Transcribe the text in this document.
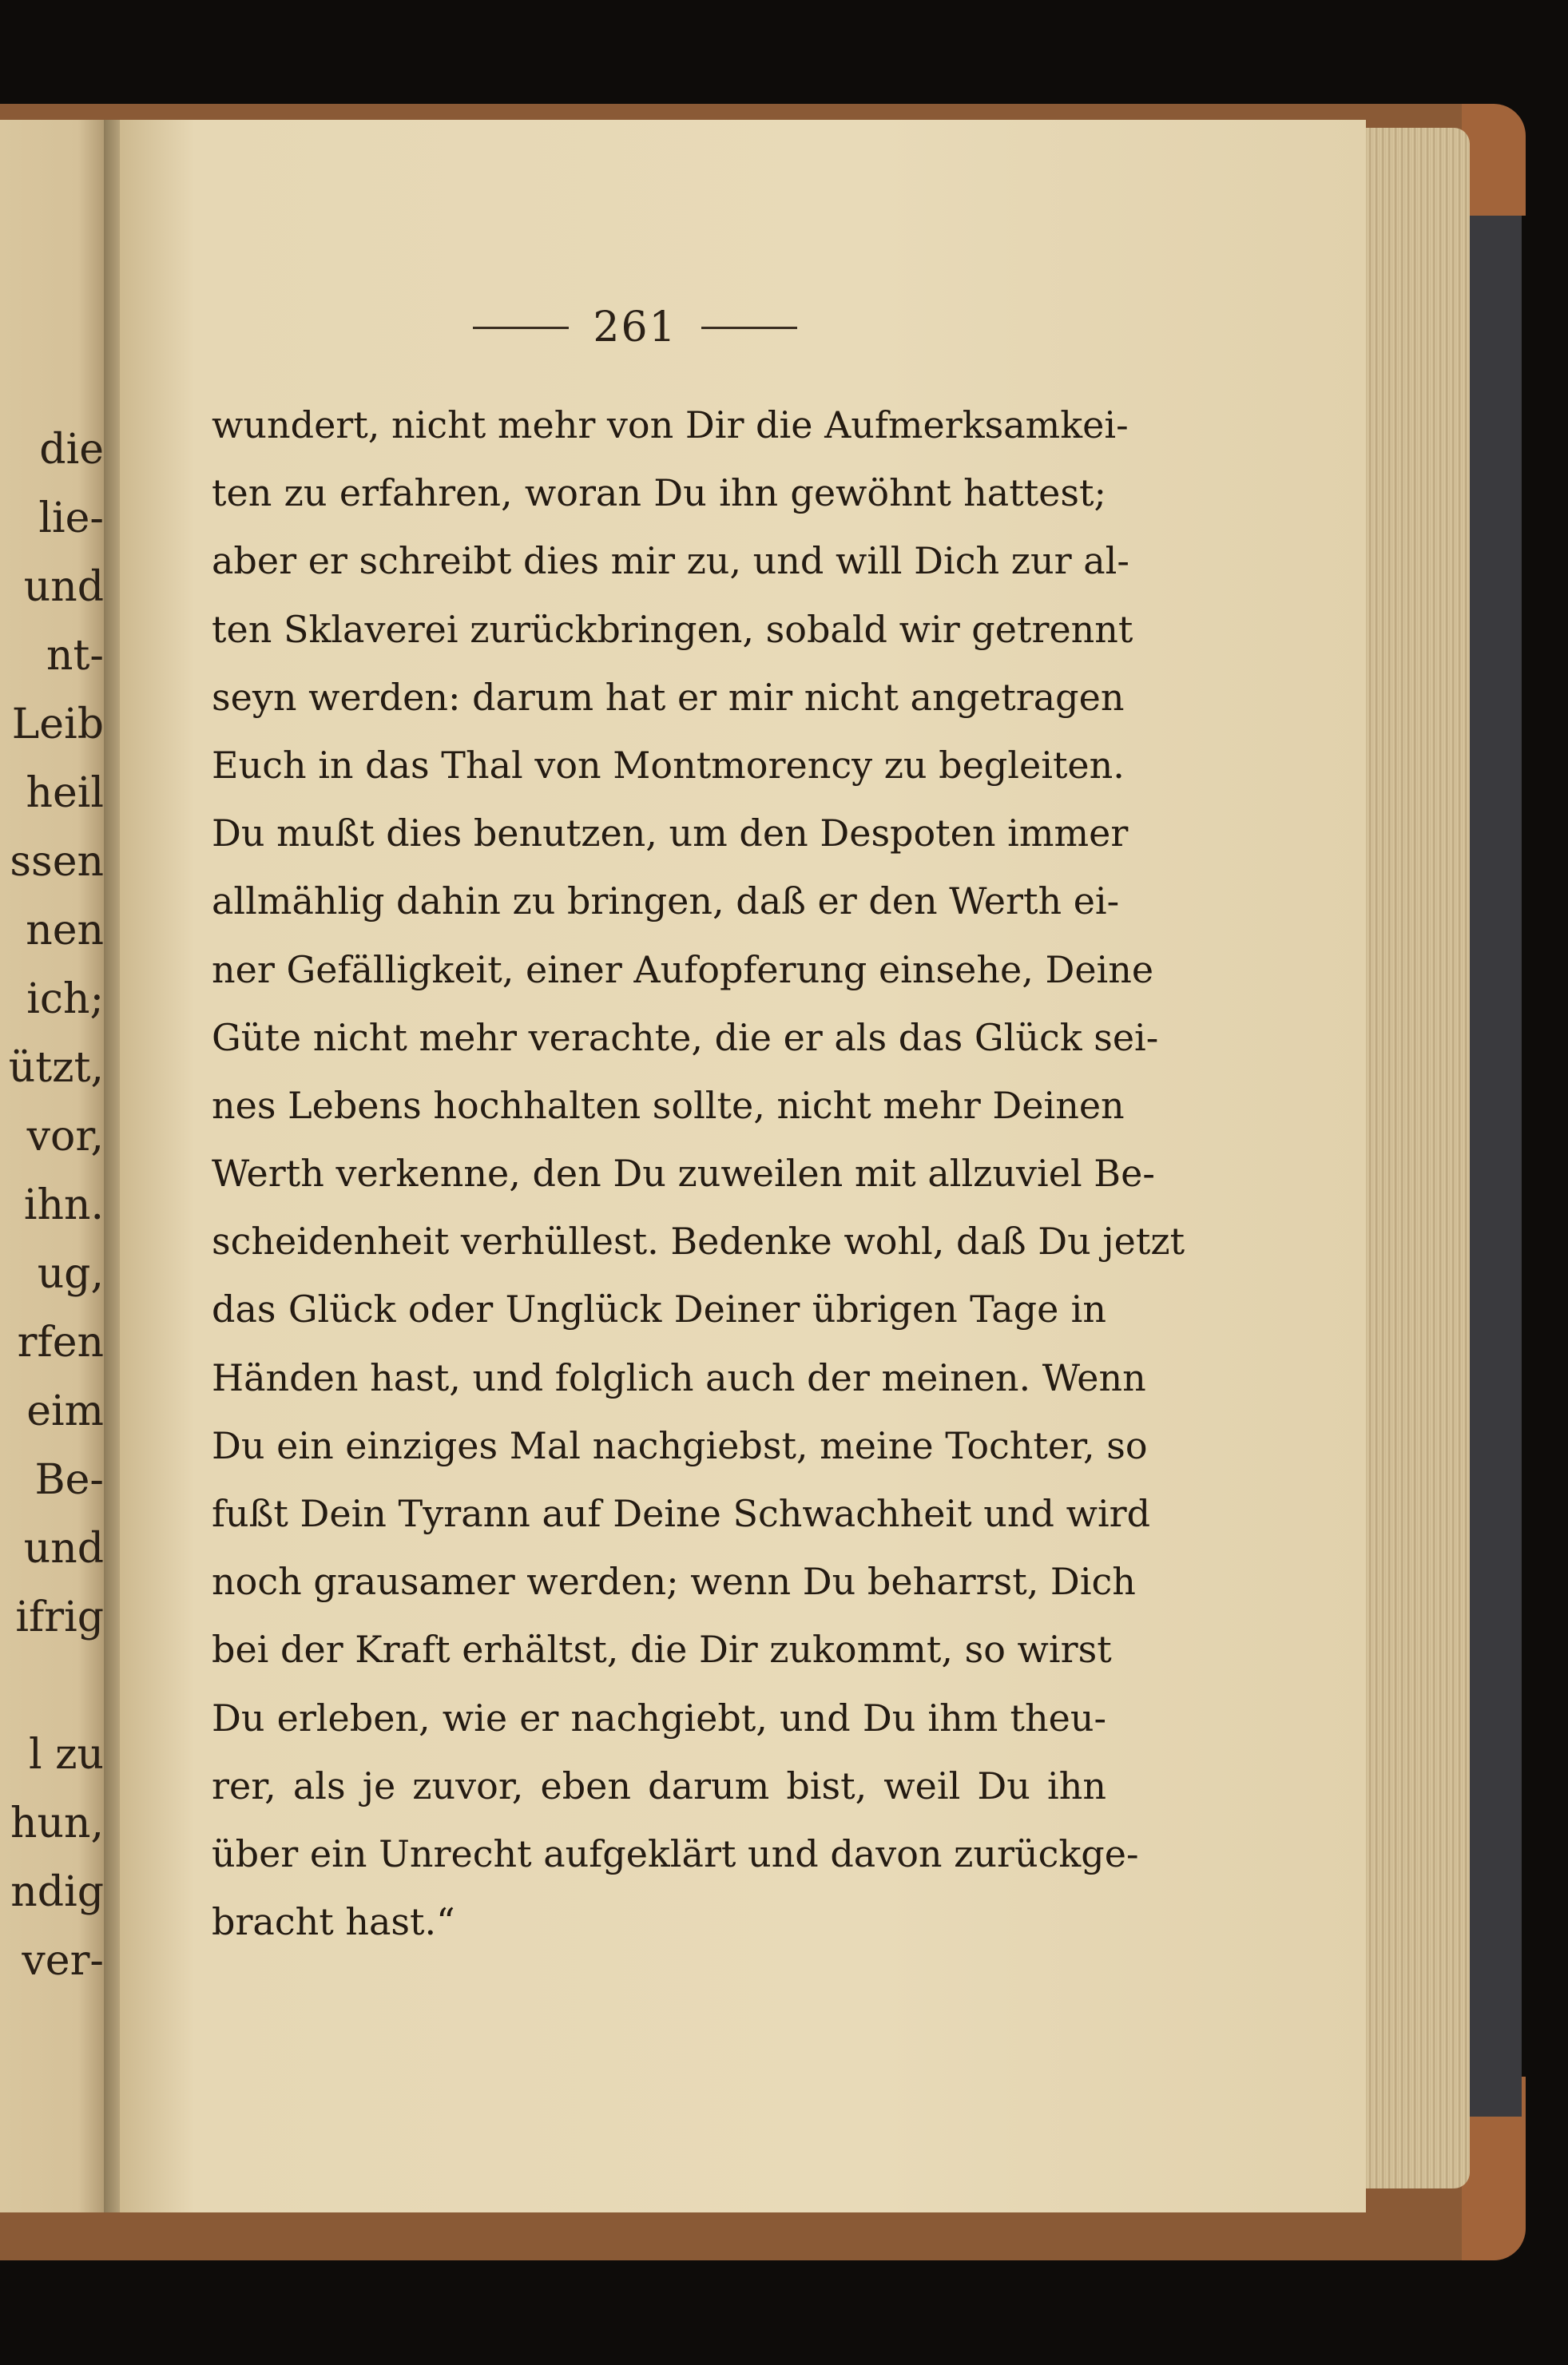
die
lie-
und
nt-
Leib
heil
ssen
nen
ich;
ützt,
vor,
ihn.
ug,
rfen
eim
Be-
und
ifrig
l zu
hun,
ndig
ver-
261
wundert, nicht mehr von Dir die Aufmerksamkei-
ten zu erfahren, woran Du ihn gewöhnt hattest;
aber er schreibt dies mir zu, und will Dich zur al-
ten Sklaverei zurückbringen, sobald wir getrennt
seyn werden: darum hat er mir nicht angetragen
Euch in das Thal von Montmorency zu begleiten.
Du mußt dies benutzen, um den Despoten immer
allmählig dahin zu bringen, daß er den Werth ei-
ner Gefälligkeit, einer Aufopferung einsehe, Deine
Güte nicht mehr verachte, die er als das Glück sei-
nes Lebens hochhalten sollte, nicht mehr Deinen
Werth verkenne, den Du zuweilen mit allzuviel Be-
scheidenheit verhüllest. Bedenke wohl, daß Du jetzt
das Glück oder Unglück Deiner übrigen Tage in
Händen hast, und folglich auch der meinen. Wenn
Du ein einziges Mal nachgiebst, meine Tochter, so
fußt Dein Tyrann auf Deine Schwachheit und wird
noch grausamer werden; wenn Du beharrst, Dich
bei der Kraft erhältst, die Dir zukommt, so wirst
Du erleben, wie er nachgiebt, und Du ihm theu-
rer, als je zuvor, eben darum bist, weil Du ihn
über ein Unrecht aufgeklärt und davon zurückge-
bracht hast.“
